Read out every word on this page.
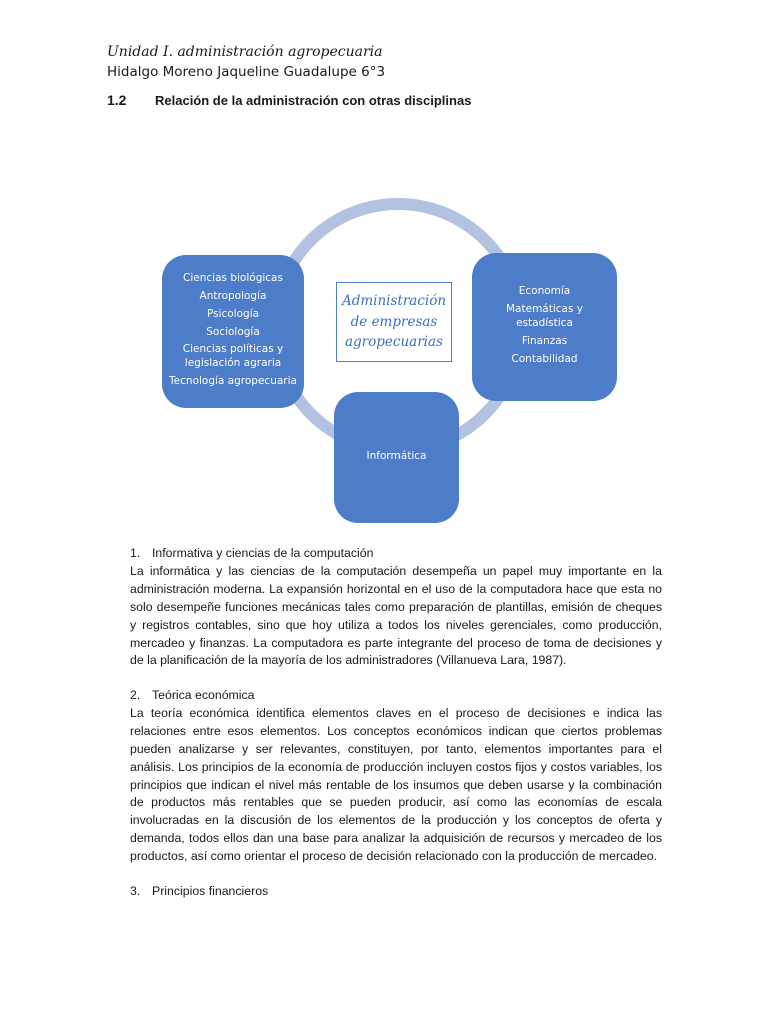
Unidad I. administración agropecuaria

Hidalgo Moreno Jaqueline Guadalupe 6°3

1.2 Relación de la administración con otras disciplinas

Ciencias biológicas
Antropología
Psicología
Sociología
Ciencias políticas y legislación agraria
Tecnología agropecuaria
Economía
Matemáticas y estadística
Finanzas
Contabilidad
Informática
Administración
de empresas
agropecuarias
1. Informativa y ciencias de la computación

La informática y las ciencias de la computación desempeña un papel muy importante en la administración moderna. La expansión horizontal en el uso de la computadora hace que esta no solo desempeñe funciones mecánicas tales como preparación de plantillas, emisión de cheques y registros contables, sino que hoy utiliza a todos los niveles gerenciales, como producción, mercadeo y finanzas. La computadora es parte integrante del proceso de toma de decisiones y de la planificación de la mayoría de los administradores (Villanueva Lara, 1987).

2. Teórica económica

La teoría económica identifica elementos claves en el proceso de decisiones e indica las relaciones entre esos elementos. Los conceptos económicos indican que ciertos problemas pueden analizarse y ser relevantes, constituyen, por tanto, elementos importantes para el análisis. Los principios de la economía de producción incluyen costos fijos y costos variables, los principios que indican el nivel más rentable de los insumos que deben usarse y la combinación de productos más rentables que se pueden producir, así como las economías de escala involucradas en la discusión de los elementos de la producción y los conceptos de oferta y demanda, todos ellos dan una base para analizar la adquisición de recursos y mercadeo de los productos, así como orientar el proceso de decisión relacionado con la producción de mercadeo.

3. Principios financieros
